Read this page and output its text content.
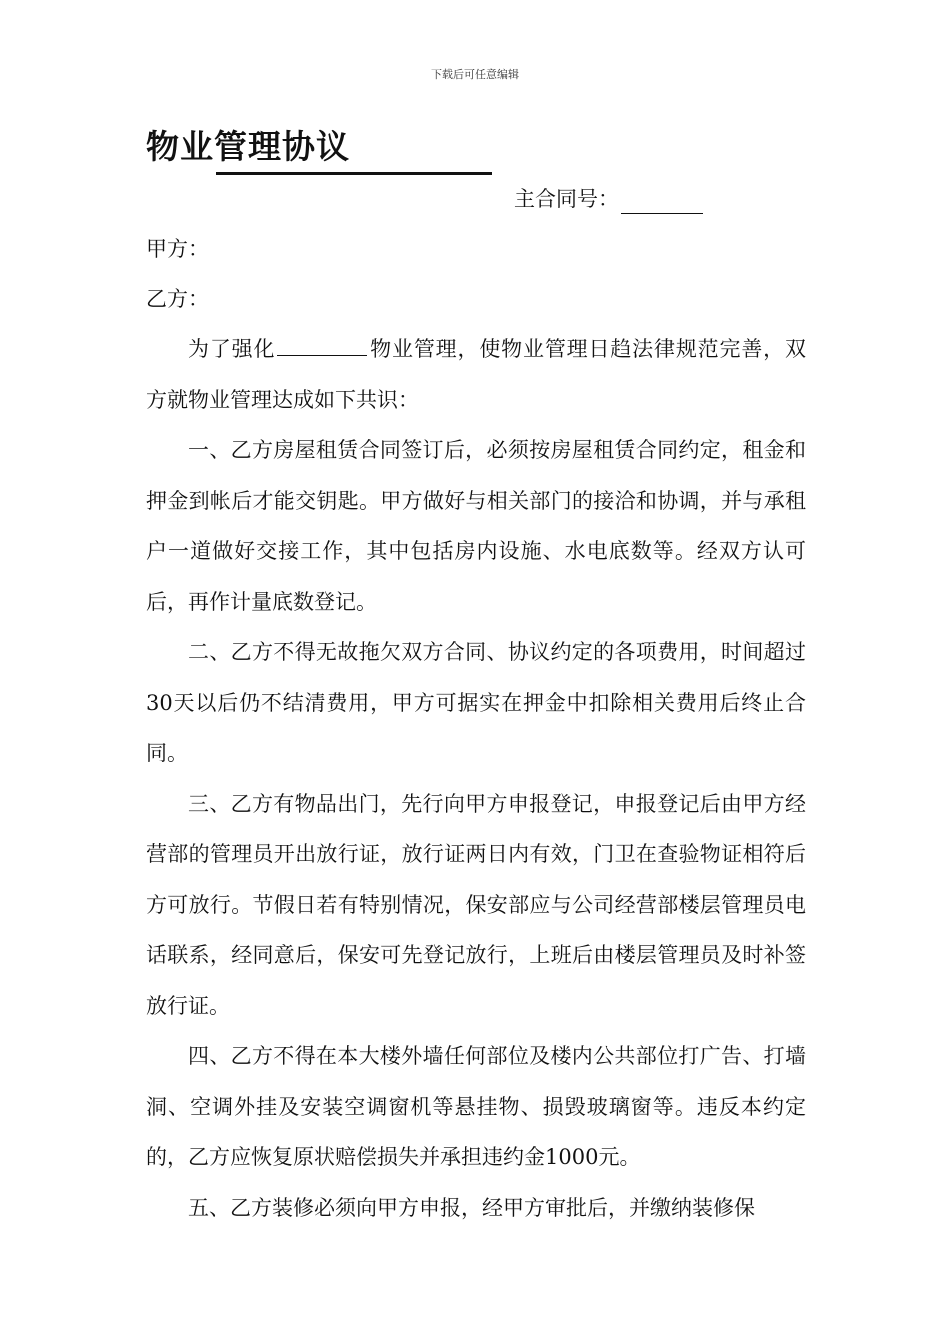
下载后可任意编辑
物业管理协议
主合同号：
甲方：
乙方：

为了强化	物业管理，使物业管理日趋法律规范完善，双方就物业管理达成如下共识：

一、乙方房屋租赁合同签订后，必须按房屋租赁合同约定，租金和押金到帐后才能交钥匙。甲方做好与相关部门的接洽和协调，并与承租户一道做好交接工作，其中包括房内设施、水电底数等。经双方认可后，再作计量底数登记。

二、乙方不得无故拖欠双方合同、协议约定的各项费用，时间超过30天以后仍不结清费用，甲方可据实在押金中扣除相关费用后终止合同。

三、乙方有物品出门，先行向甲方申报登记，申报登记后由甲方经营部的管理员开出放行证，放行证两日内有效，门卫在查验物证相符后方可放行。节假日若有特别情况，保安部应与公司经营部楼层管理员电话联系，经同意后，保安可先登记放行，上班后由楼层管理员及时补签放行证。

四、乙方不得在本大楼外墙任何部位及楼内公共部位打广告、打墙洞、空调外挂及安装空调窗机等悬挂物、损毁玻璃窗等。违反本约定的，乙方应恢复原状赔偿损失并承担违约金1000元。

五、乙方装修必须向甲方申报，经甲方审批后，并缴纳装修保
